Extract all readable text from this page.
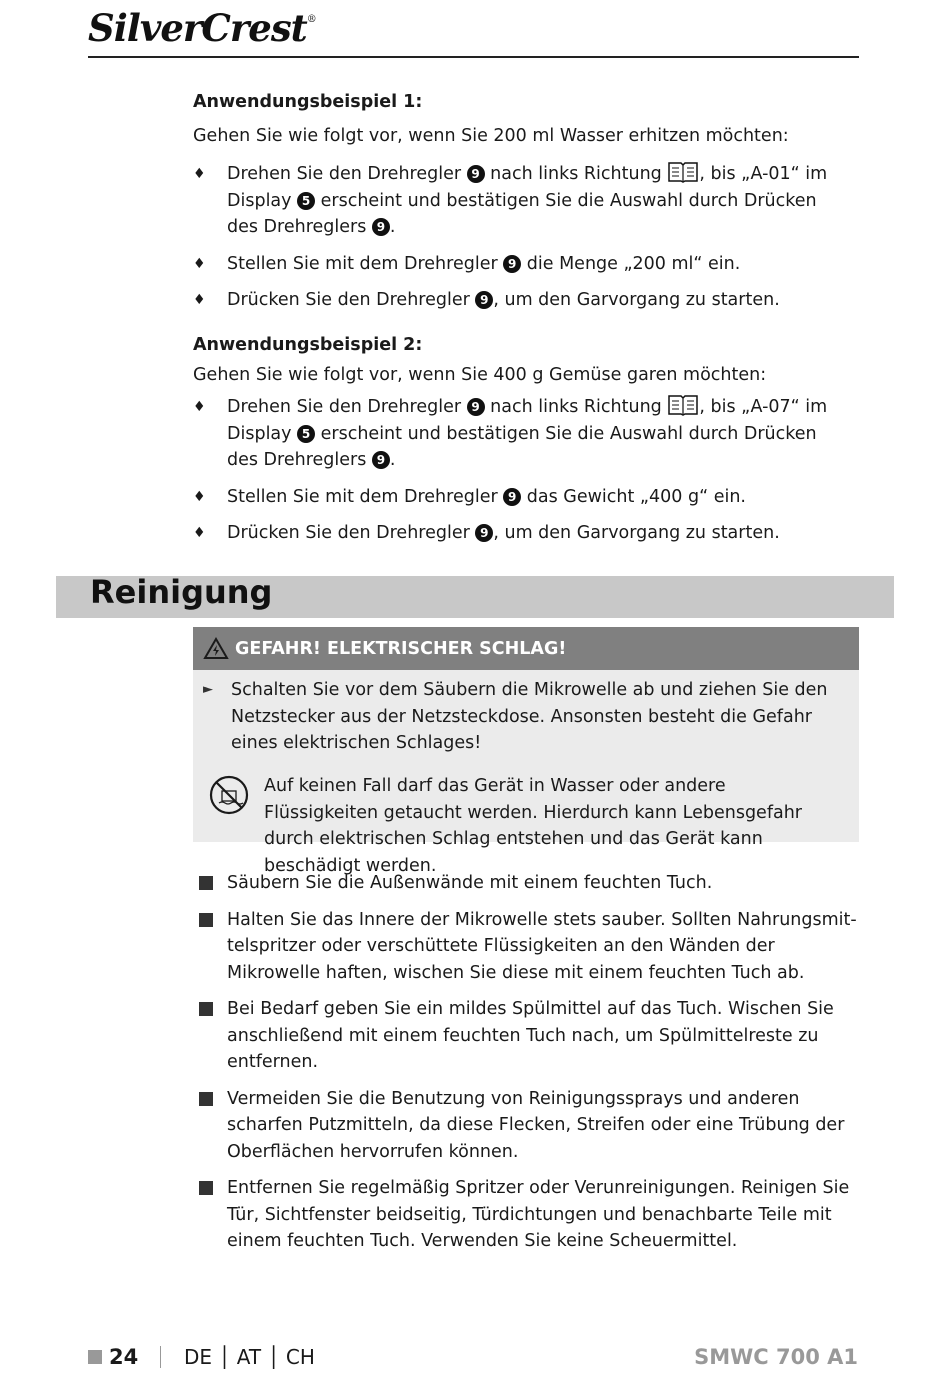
SilverCrest®
Anwendungsbeispiel 1:

Gehen Sie wie folgt vor, wenn Sie 200 ml Wasser erhitzen möchten:

♦ Drehen Sie den Drehregler 9 nach links Richtung , bis „A-01“ im Display 5 erscheint und bestätigen Sie die Auswahl durch Drücken des Drehreglers 9 .
♦ Stellen Sie mit dem Drehregler 9 die Menge „200 ml“ ein.
♦ Drücken Sie den Drehregler 9 , um den Garvorgang zu starten.
Anwendungsbeispiel 2:

Gehen Sie wie folgt vor, wenn Sie 400 g Gemüse garen möchten:

♦ Drehen Sie den Drehregler 9 nach links Richtung , bis „A-07“ im Display 5 erscheint und bestätigen Sie die Auswahl durch Drücken des Drehreglers 9 .
♦ Stellen Sie mit dem Drehregler 9 das Gewicht „400 g“ ein.
♦ Drücken Sie den Drehregler 9 , um den Garvorgang zu starten.
Reinigung
GEFAHR! ELEKTRISCHER SCHLAG!
► Schalten Sie vor dem Säubern die Mikrowelle ab und ziehen Sie den Netzstecker aus der Netzsteckdose. Ansonsten besteht die Gefahr eines elektrischen Schlages!
Auf keinen Fall darf das Gerät in Wasser oder andere Flüssigkeiten getaucht werden. Hierdurch kann Lebensgefahr durch elektrischen Schlag entstehen und das Gerät kann beschädigt werden.
Säubern Sie die Außenwände mit einem feuchten Tuch.
Halten Sie das Innere der Mikrowelle stets sauber. Sollten Nahrungsmittelspritzer oder verschüttete Flüssigkeiten an den Wänden der Mikrowelle haften, wischen Sie diese mit einem feuchten Tuch ab.
Bei Bedarf geben Sie ein mildes Spülmittel auf das Tuch. Wischen Sie anschließend mit einem feuchten Tuch nach, um Spülmittelreste zu entfernen.
Vermeiden Sie die Benutzung von Reinigungssprays und anderen scharfen Putzmitteln, da diese Flecken, Streifen oder eine Trübung der Oberflächen hervorrufen können.
Entfernen Sie regelmäßig Spritzer oder Verunreinigungen. Reinigen Sie Tür, Sichtfenster beidseitig, Türdichtungen und benachbarte Teile mit einem feuchten Tuch. Verwenden Sie keine Scheuermittel.
24 DE │ AT │ CH	SMWC 700 A1
